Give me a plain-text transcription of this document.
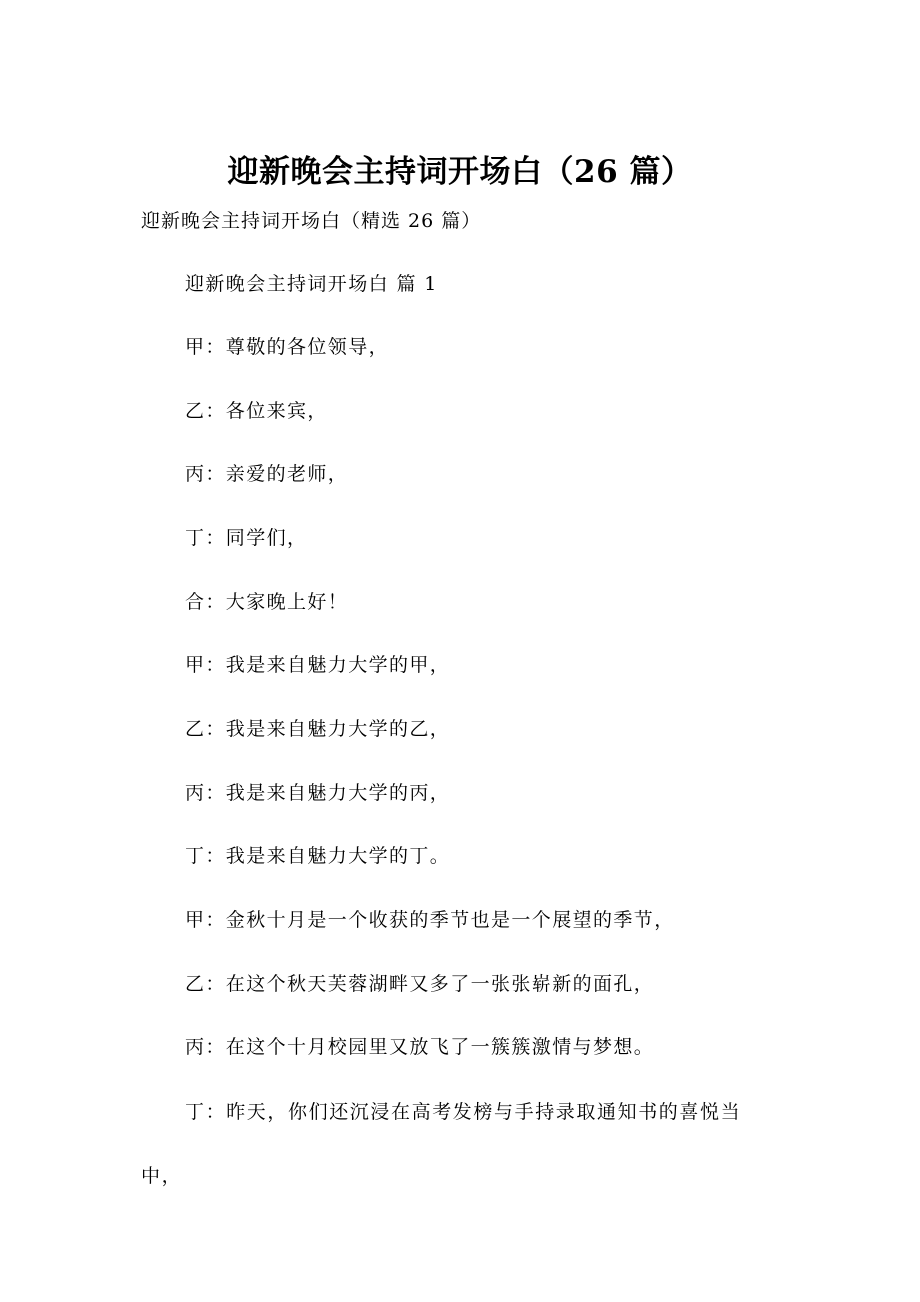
迎新晚会主持词开场白（26 篇）
迎新晚会主持词开场白（精选 26 篇）
迎新晚会主持词开场白 篇 1
甲：尊敬的各位领导，
乙：各位来宾，
丙：亲爱的老师，
丁：同学们，
合：大家晚上好！
甲：我是来自魅力大学的甲，
乙：我是来自魅力大学的乙，
丙：我是来自魅力大学的丙，
丁：我是来自魅力大学的丁。
甲：金秋十月是一个收获的季节也是一个展望的季节，
乙：在这个秋天芙蓉湖畔又多了一张张崭新的面孔，
丙：在这个十月校园里又放飞了一簇簇激情与梦想。
丁：昨天，你们还沉浸在高考发榜与手持录取通知书的喜悦当中，
